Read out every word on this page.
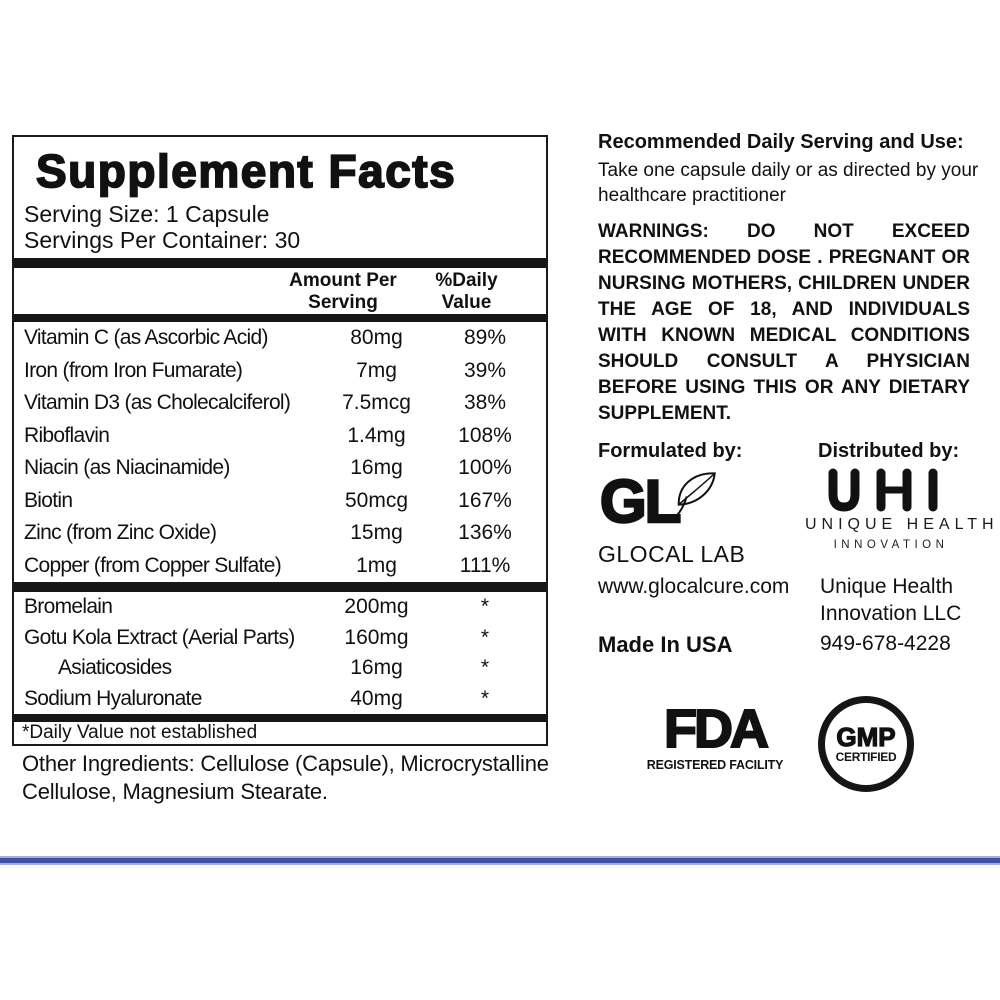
Supplement Facts
Serving Size: 1 Capsule
Servings Per Container: 30
Amount Per
Serving
%Daily Value
Vitamin C (as Ascorbic Acid)	80mg	89%
Iron (from Iron Fumarate)	7mg	39%
Vitamin D3 (as Cholecalciferol)	7.5mcg	38%
Riboflavin	1.4mg	108%
Niacin (as Niacinamide)	16mg	100%
Biotin	50mcg	167%
Zinc (from Zinc Oxide)	15mg	136%
Copper (from Copper Sulfate)	1mg	111%
Bromelain	200mg	*
Gotu Kola Extract (Aerial Parts)	160mg	*
Asiaticosides	16mg	*
Sodium Hyaluronate	40mg	*
*Daily Value not established
Other Ingredients: Cellulose (Capsule), Microcrystalline Cellulose, Magnesium Stearate.
Recommended Daily Serving and Use:
Take one capsule daily or as directed by your healthcare practitioner
WARNINGS: DO NOT EXCEED
RECOMMENDED DOSE . PREGNANT OR
NURSING MOTHERS, CHILDREN UNDER
THE AGE OF 18, AND INDIVIDUALS
WITH KNOWN MEDICAL CONDITIONS
SHOULD CONSULT A PHYSICIAN
BEFORE USING THIS OR ANY DIETARY
SUPPLEMENT.
Formulated by:	Distributed by:
GL
GLOCAL LAB
UNIQUE HEALTH
INNOVATION
www.glocalcure.com Unique Health
Innovation LLC
Made In USA	949-678-4228
FDA
REGISTERED FACILITY
GMP
CERTIFIED
